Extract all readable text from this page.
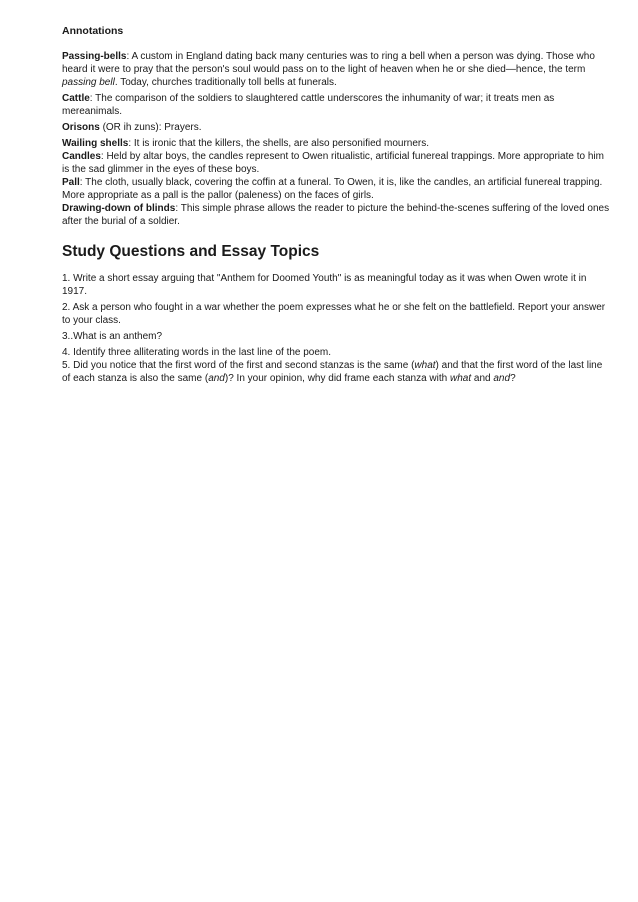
Annotations
Passing-bells: A custom in England dating back many centuries was to ring a bell when a person was dying. Those who heard it were to pray that the person's soul would pass on to the light of heaven when he or she died—hence, the term passing bell. Today, churches traditionally toll bells at funerals.
Cattle: The comparison of the soldiers to slaughtered cattle underscores the inhumanity of war; it treats men as mereanimals.
Orisons (OR ih zuns): Prayers.
Wailing shells: It is ironic that the killers, the shells, are also personified mourners.
Candles: Held by altar boys, the candles represent to Owen ritualistic, artificial funereal trappings. More appropriate to him is the sad glimmer in the eyes of these boys.
Pall: The cloth, usually black, covering the coffin at a funeral. To Owen, it is, like the candles, an artificial funereal trapping. More appropriate as a pall is the pallor (paleness) on the faces of girls.
Drawing-down of blinds: This simple phrase allows the reader to picture the behind-the-scenes suffering of the loved ones after the burial of a soldier.
Study Questions and Essay Topics
1. Write a short essay arguing that "Anthem for Doomed Youth" is as meaningful today as it was when Owen wrote it in 1917.
2. Ask a person who fought in a war whether the poem expresses what he or she felt on the battlefield. Report your answer to your class.
3..What is an anthem?
4. Identify three alliterating words in the last line of the poem.
5. Did you notice that the first word of the first and second stanzas is the same (what) and that the first word of the last line of each stanza is also the same (and)? In your opinion, why did frame each stanza with what and and?
